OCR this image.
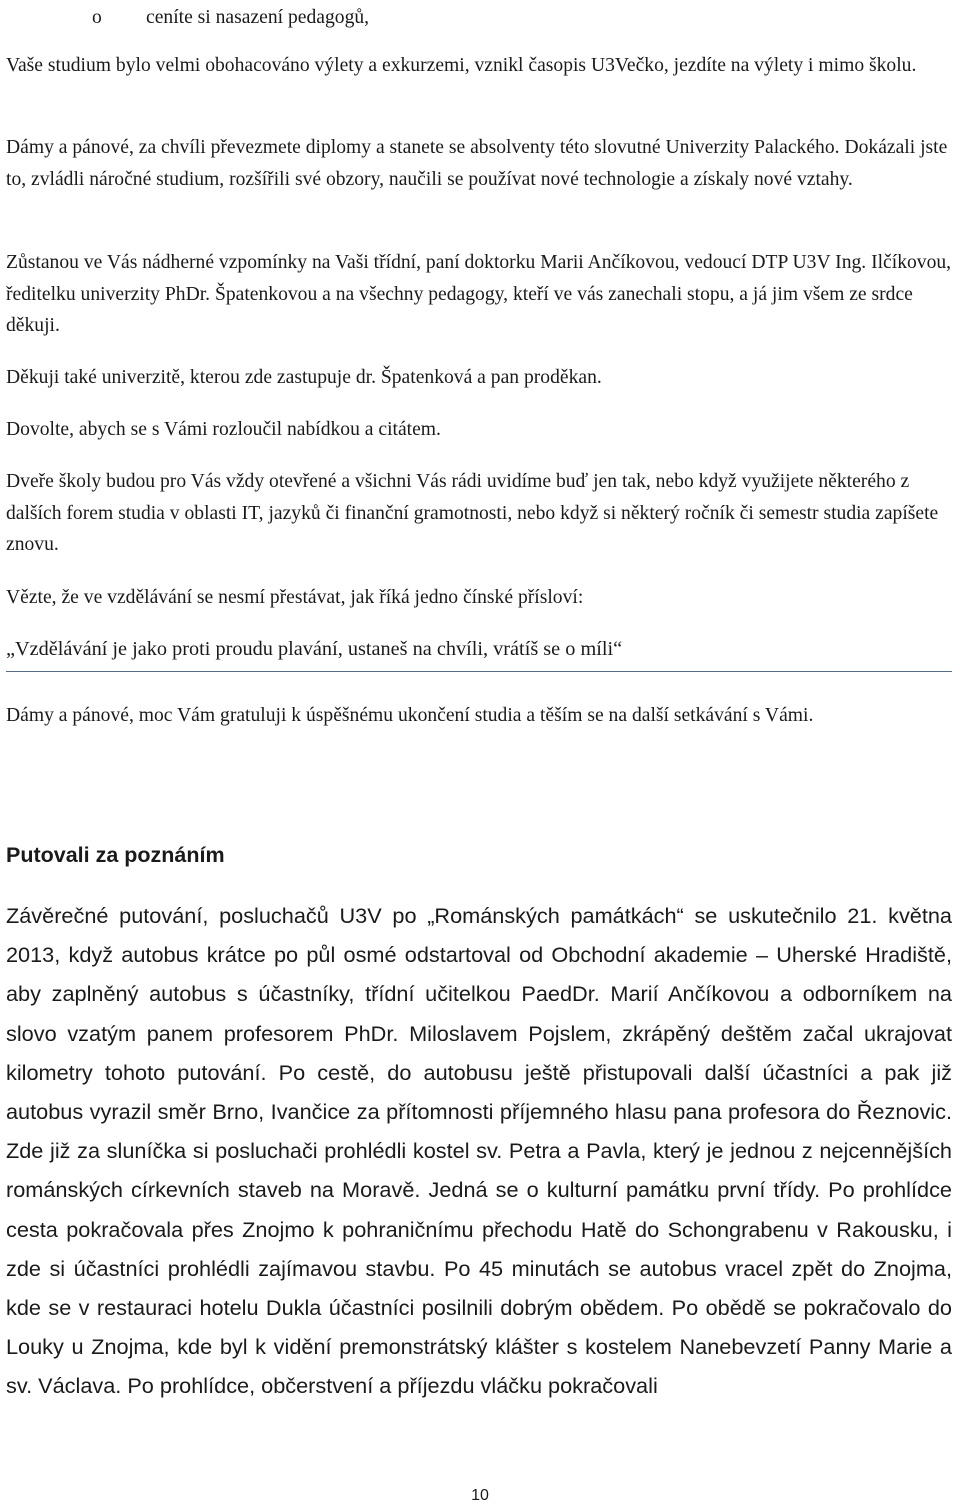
o ceníte si nasazení pedagogů,

Vaše studium bylo velmi obohacováno výlety a exkurzemi, vznikl časopis U3Večko, jezdíte na výlety i mimo školu.

Dámy a pánové, za chvíli převezmete diplomy a stanete se absolventy této slovutné Univerzity Palackého. Dokázali jste to, zvládli náročné studium, rozšířili své obzory, naučili se používat nové technologie a získaly nové vztahy.

Zůstanou ve Vás nádherné vzpomínky na Vaši třídní, paní doktorku Marii Ančíkovou, vedoucí DTP U3V Ing. Ilčíkovou, ředitelku univerzity PhDr. Špatenkovou a na všechny pedagogy, kteří ve vás zanechali stopu, a já jim všem ze srdce děkuji.

Děkuji také univerzitě, kterou zde zastupuje dr. Špatenková a pan proděkan.

Dovolte, abych se s Vámi rozloučil nabídkou a citátem.

Dveře školy budou pro Vás vždy otevřené a všichni Vás rádi uvidíme buď jen tak, nebo když využijete některého z dalších forem studia v oblasti IT, jazyků či finanční gramotnosti, nebo když si některý ročník či semestr studia zapíšete znovu.

Vězte, že ve vzdělávání se nesmí přestávat, jak říká jedno čínské přísloví:

„Vzdělávání je jako proti proudu plavání, ustaneš na chvíli, vrátíš se o míli“

Dámy a pánové, moc Vám gratuluji k úspěšnému ukončení studia a těším se na další setkávání s Vámi.

Putovali za poznáním

Závěrečné putování, posluchačů U3V po „Románských památkách“ se uskutečnilo 21. května 2013, když autobus krátce po půl osmé odstartoval od Obchodní akademie – Uherské Hradiště, aby zaplněný autobus s účastníky, třídní učitelkou PaedDr. Marií Ančíkovou a odborníkem na slovo vzatým panem profesorem PhDr. Miloslavem Pojslem, zkrápěný deštěm začal ukrajovat kilometry tohoto putování. Po cestě, do autobusu ještě přistupovali další účastníci a pak již autobus vyrazil směr Brno, Ivančice za přítomnosti příjemného hlasu pana profesora do Řeznovic. Zde již za sluníčka si posluchači prohlédli kostel sv. Petra a Pavla, který je jednou z nejcennějších románských církevních staveb na Moravě. Jedná se o kulturní památku první třídy. Po prohlídce cesta pokračovala přes Znojmo k pohraničnímu přechodu Hatě do Schongrabenu v Rakousku, i zde si účastníci prohlédli zajímavou stavbu. Po 45 minutách se autobus vracel zpět do Znojma, kde se v restauraci hotelu Dukla účastníci posilnili dobrým obědem. Po obědě se pokračovalo do Louky u Znojma, kde byl k vidění premonstrátský klášter s kostelem Nanebevzetí Panny Marie a sv. Václava. Po prohlídce, občerstvení a příjezdu vláčku pokračovali

10
